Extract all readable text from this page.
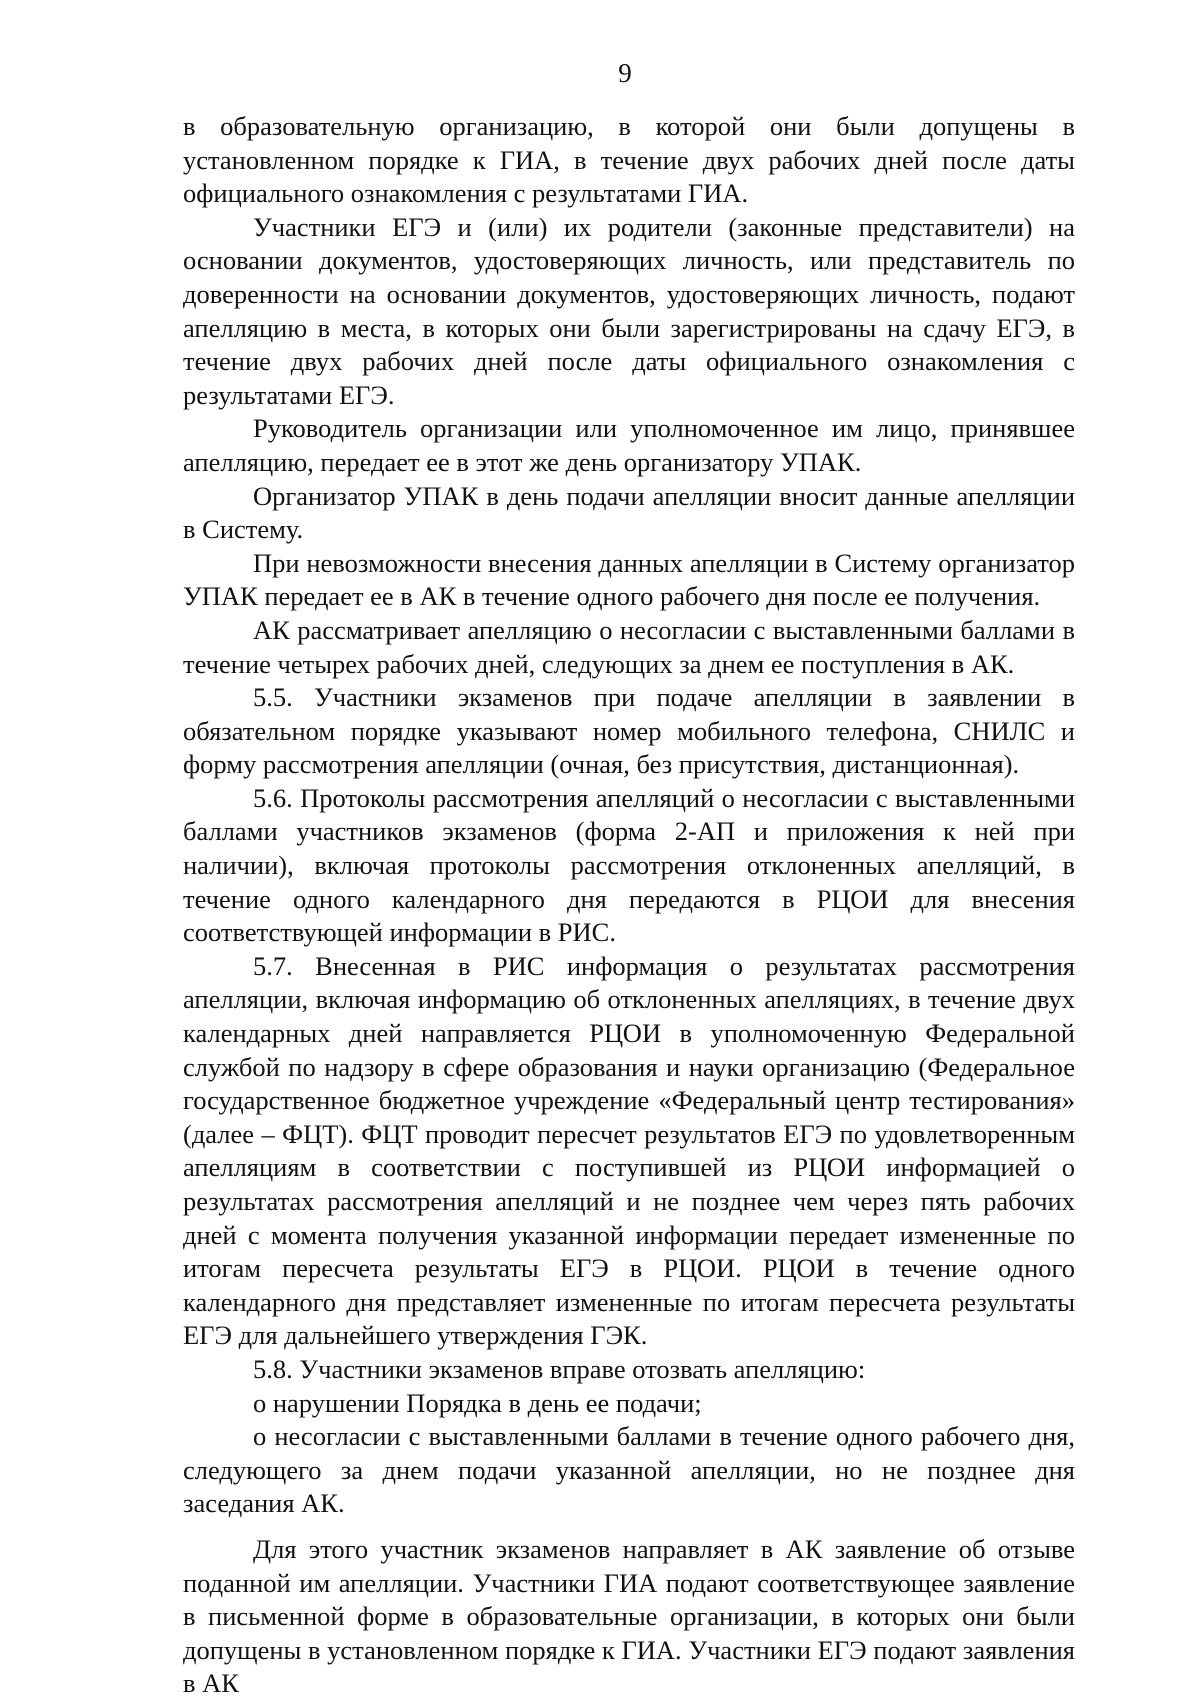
9

в образовательную организацию, в которой они были допущены в установленном порядке к ГИА, в течение двух рабочих дней после даты официального ознакомления с результатами ГИА.

Участники ЕГЭ и (или) их родители (законные представители) на основании документов, удостоверяющих личность, или представитель по доверенности на основании документов, удостоверяющих личность, подают апелляцию в места, в которых они были зарегистрированы на сдачу ЕГЭ, в течение двух рабочих дней после даты официального ознакомления с результатами ЕГЭ.

Руководитель организации или уполномоченное им лицо, принявшее апелляцию, передает ее в этот же день организатору УПАК.

Организатор УПАК в день подачи апелляции вносит данные апелляции в Систему.

При невозможности внесения данных апелляции в Систему организатор УПАК передает ее в АК в течение одного рабочего дня после ее получения.

АК рассматривает апелляцию о несогласии с выставленными баллами в течение четырех рабочих дней, следующих за днем ее поступления в АК.

5.5. Участники экзаменов при подаче апелляции в заявлении в обязательном порядке указывают номер мобильного телефона, СНИЛС и форму рассмотрения апелляции (очная, без присутствия, дистанционная).

5.6. Протоколы рассмотрения апелляций о несогласии с выставленными баллами участников экзаменов (форма 2-АП и приложения к ней при наличии), включая протоколы рассмотрения отклоненных апелляций, в течение одного календарного дня передаются в РЦОИ для внесения соответствующей информации в РИС.

5.7. Внесенная в РИС информация о результатах рассмотрения апелляции, включая информацию об отклоненных апелляциях, в течение двух календарных дней направляется РЦОИ в уполномоченную Федеральной службой по надзору в сфере образования и науки организацию (Федеральное государственное бюджетное учреждение «Федеральный центр тестирования» (далее – ФЦТ). ФЦТ проводит пересчет результатов ЕГЭ по удовлетворенным апелляциям в соответствии с поступившей из РЦОИ информацией о результатах рассмотрения апелляций и не позднее чем через пять рабочих дней с момента получения указанной информации передает измененные по итогам пересчета результаты ЕГЭ в РЦОИ. РЦОИ в течение одного календарного дня представляет измененные по итогам пересчета результаты ЕГЭ для дальнейшего утверждения ГЭК.

5.8. Участники экзаменов вправе отозвать апелляцию:

о нарушении Порядка в день ее подачи;

о несогласии с выставленными баллами в течение одного рабочего дня, следующего за днем подачи указанной апелляции, но не позднее дня заседания АК.

Для этого участник экзаменов направляет в АК заявление об отзыве поданной им апелляции. Участники ГИА подают соответствующее заявление в письменной форме в образовательные организации, в которых они были допущены в установленном порядке к ГИА. Участники ЕГЭ подают заявления в АК
